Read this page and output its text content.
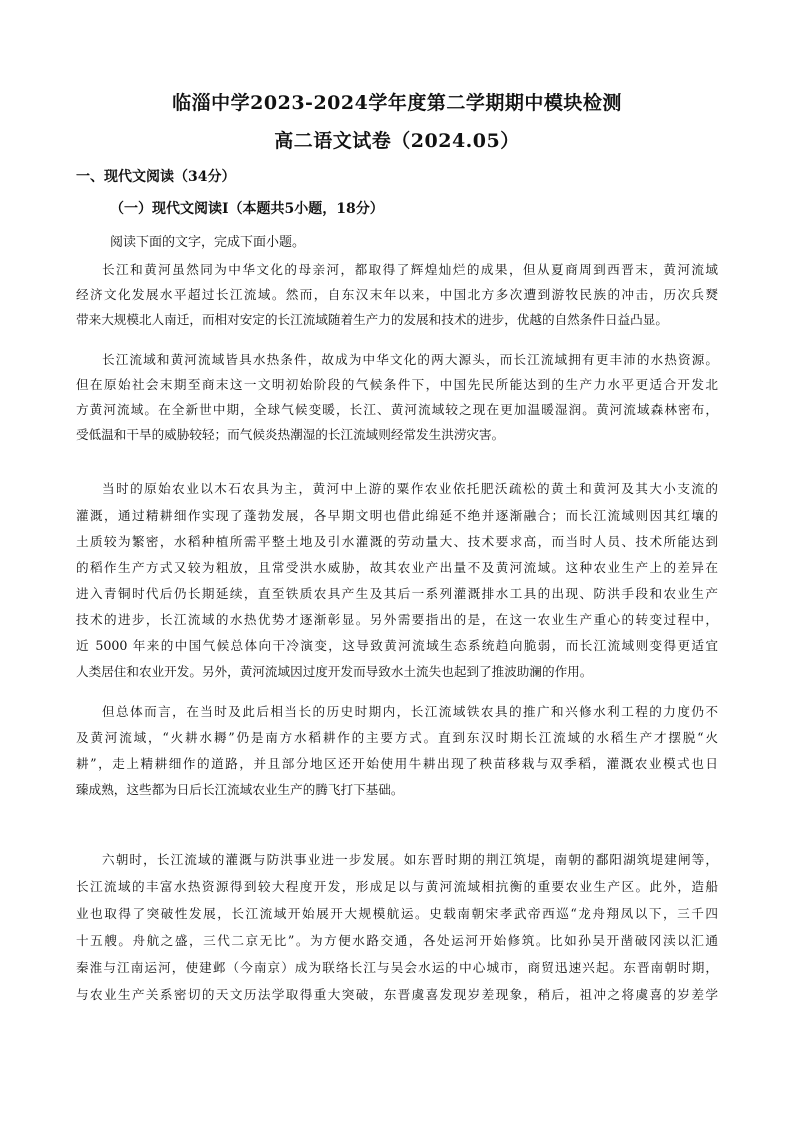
临淄中学2023-2024学年度第二学期期中模块检测
高二语文试卷（2024.05）
一、现代文阅读（34分）
（一）现代文阅读Ⅰ（本题共5小题，18分）
阅读下面的文字，完成下面小题。
长江和黄河虽然同为中华文化的母亲河，都取得了辉煌灿烂的成果，但从夏商周到西晋末，黄河流域
经济文化发展水平超过长江流域。然而，自东汉末年以来，中国北方多次遭到游牧民族的冲击，历次兵燹
带来大规模北人南迁，而相对安定的长江流域随着生产力的发展和技术的进步，优越的自然条件日益凸显。
长江流域和黄河流域皆具水热条件，故成为中华文化的两大源头，而长江流域拥有更丰沛的水热资源。
但在原始社会末期至商末这一文明初始阶段的气候条件下，中国先民所能达到的生产力水平更适合开发北
方黄河流域。在全新世中期，全球气候变暖，长江、黄河流域较之现在更加温暖湿润。黄河流域森林密布，
受低温和干旱的威胁较轻；而气候炎热潮湿的长江流域则经常发生洪涝灾害。
当时的原始农业以木石农具为主，黄河中上游的粟作农业依托肥沃疏松的黄土和黄河及其大小支流的
灌溉，通过精耕细作实现了蓬勃发展，各早期文明也借此绵延不绝并逐渐融合；而长江流域则因其红壤的
土质较为繁密，水稻种植所需平整土地及引水灌溉的劳动量大、技术要求高，而当时人员、技术所能达到
的稻作生产方式又较为粗放，且常受洪水威胁，故其农业产出量不及黄河流域。这种农业生产上的差异在
进入青铜时代后仍长期延续，直至铁质农具产生及其后一系列灌溉排水工具的出现、防洪手段和农业生产
技术的进步，长江流域的水热优势才逐渐彰显。另外需要指出的是，在这一农业生产重心的转变过程中，
近 5000 年来的中国气候总体向干冷演变，这导致黄河流域生态系统趋向脆弱，而长江流域则变得更适宜
人类居住和农业开发。另外，黄河流域因过度开发而导致水土流失也起到了推波助澜的作用。
但总体而言，在当时及此后相当长的历史时期内，长江流域铁农具的推广和兴修水利工程的力度仍不
及黄河流域，“火耕水耨”仍是南方水稻耕作的主要方式。直到东汉时期长江流域的水稻生产才摆脱“火
耕”，走上精耕细作的道路，并且部分地区还开始使用牛耕出现了秧苗移栽与双季稻，灌溉农业模式也日
臻成熟，这些都为日后长江流域农业生产的腾飞打下基础。
六朝时，长江流域的灌溉与防洪事业进一步发展。如东晋时期的荆江筑堤，南朝的鄱阳湖筑堤建闸等，
长江流域的丰富水热资源得到较大程度开发，形成足以与黄河流域相抗衡的重要农业生产区。此外，造船
业也取得了突破性发展，长江流域开始展开大规模航运。史载南朝宋孝武帝西巡“龙舟翔凤以下，三千四
十五艘。舟航之盛，三代二京无比”。为方便水路交通，各处运河开始修筑。比如孙吴开凿破冈渎以汇通
秦淮与江南运河，使建邺（今南京）成为联络长江与吴会水运的中心城市，商贸迅速兴起。东晋南朝时期，
与农业生产关系密切的天文历法学取得重大突破，东晋虞喜发现岁差现象，稍后，祖冲之将虞喜的岁差学
